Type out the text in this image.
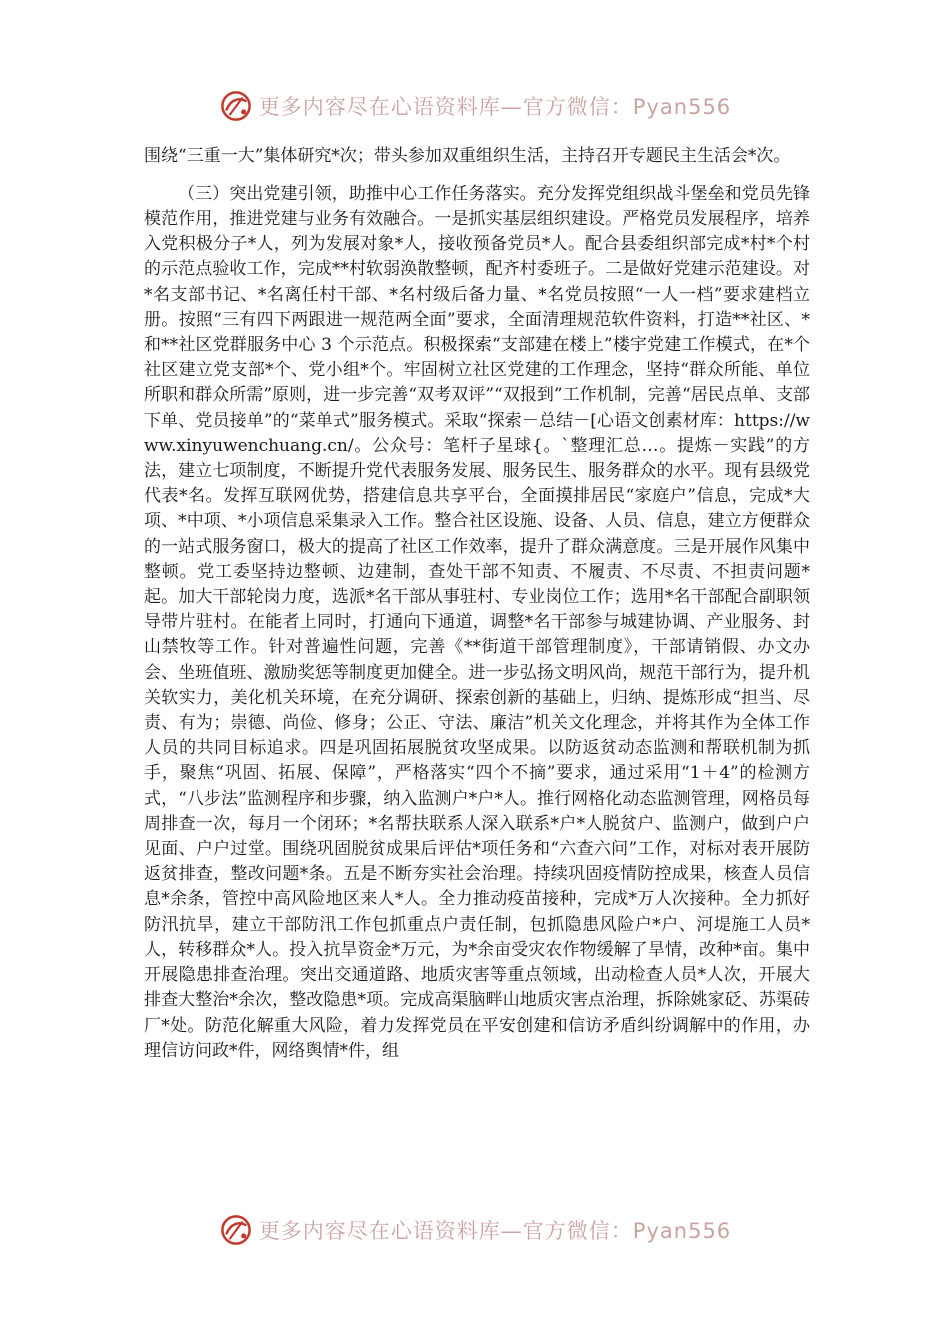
更多内容尽在心语资料库—官方微信：Pyan556

围绕“三重一大”集体研究*次；带头参加双重组织生活，主持召开专题民主生活会*次。

（三）突出党建引领，助推中心工作任务落实。充分发挥党组织战斗堡垒和党员先锋模范作用，推进党建与业务有效融合。一是抓实基层组织建设。严格党员发展程序，培养入党积极分子*人，列为发展对象*人，接收预备党员*人。配合县委组织部完成*村*个村的示范点验收工作，完成**村软弱涣散整顿，配齐村委班子。二是做好党建示范建设。对*名支部书记、*名离任村干部、*名村级后备力量、*名党员按照“一人一档”要求建档立册。按照“三有四下两跟进一规范两全面”要求，全面清理规范软件资料，打造**社区、*和**社区党群服务中心 3 个示范点。积极探索“支部建在楼上”楼宇党建工作模式，在*个社区建立党支部*个、党小组*个。牢固树立社区党建的工作理念，坚持“群众所能、单位所职和群众所需”原则，进一步完善“双考双评”“双报到”工作机制，完善“居民点单、支部下单、党员接单”的“菜单式”服务模式。采取“探索－总结－[心语文创素材库：https://www.xinyuwenchuang.cn/。公众号：笔杆子星球{。`整理汇总…。提炼－实践”的方法，建立七项制度，不断提升党代表服务发展、服务民生、服务群众的水平。现有县级党代表*名。发挥互联网优势，搭建信息共享平台，全面摸排居民“家庭户”信息，完成*大项、*中项、*小项信息采集录入工作。整合社区设施、设备、人员、信息，建立方便群众的一站式服务窗口，极大的提高了社区工作效率，提升了群众满意度。三是开展作风集中整顿。党工委坚持边整顿、边建制，查处干部不知责、不履责、不尽责、不担责问题*起。加大干部轮岗力度，选派*名干部从事驻村、专业岗位工作；选用*名干部配合副职领导带片驻村。在能者上同时，打通向下通道，调整*名干部参与城建协调、产业服务、封山禁牧等工作。针对普遍性问题，完善《**街道干部管理制度》，干部请销假、办文办会、坐班值班、激励奖惩等制度更加健全。进一步弘扬文明风尚，规范干部行为，提升机关软实力，美化机关环境，在充分调研、探索创新的基础上，归纳、提炼形成“担当、尽责、有为；崇德、尚俭、修身；公正、守法、廉洁”机关文化理念，并将其作为全体工作人员的共同目标追求。四是巩固拓展脱贫攻坚成果。以防返贫动态监测和帮联机制为抓手，聚焦“巩固、拓展、保障”，严格落实“四个不摘”要求，通过采用“1＋4”的检测方式，“八步法”监测程序和步骤，纳入监测户*户*人。推行网格化动态监测管理，网格员每周排查一次，每月一个闭环；*名帮扶联系人深入联系*户*人脱贫户、监测户，做到户户见面、户户过堂。围绕巩固脱贫成果后评估*项任务和“六查六问”工作，对标对表开展防返贫排查，整改问题*条。五是不断夯实社会治理。持续巩固疫情防控成果，核查人员信息*余条，管控中高风险地区来人*人。全力推动疫苗接种，完成*万人次接种。全力抓好防汛抗旱，建立干部防汛工作包抓重点户责任制，包抓隐患风险户*户、河堤施工人员*人，转移群众*人。投入抗旱资金*万元，为*余亩受灾农作物缓解了旱情，改种*亩。集中开展隐患排查治理。突出交通道路、地质灾害等重点领域，出动检查人员*人次，开展大排查大整治*余次，整改隐患*项。完成高渠脑畔山地质灾害点治理，拆除姚家砭、苏渠砖厂*处。防范化解重大风险，着力发挥党员在平安创建和信访矛盾纠纷调解中的作用，办理信访问政*件，网络舆情*件，组

更多内容尽在心语资料库—官方微信：Pyan556
